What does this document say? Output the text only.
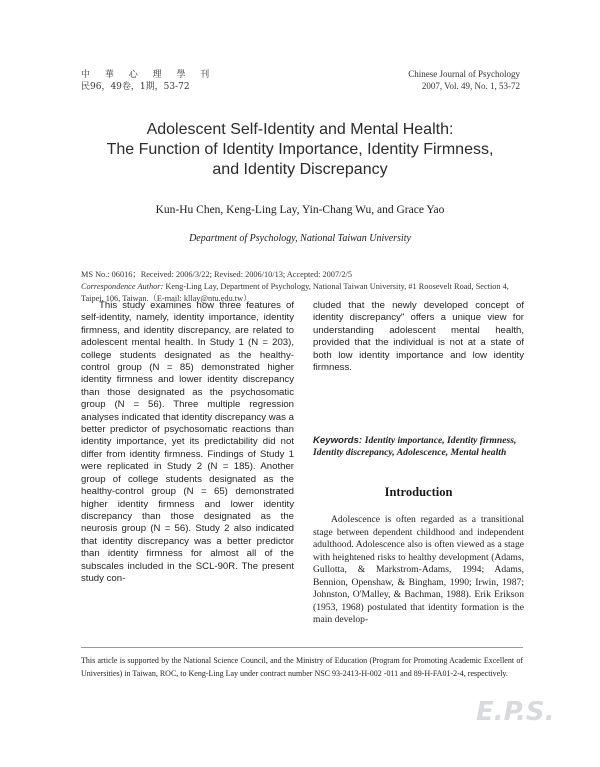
中 華 心 理 學 刊
民96，49卷，1期，53-72
Chinese Journal of Psychology
2007, Vol. 49, No. 1, 53-72
Adolescent Self-Identity and Mental Health:
The Function of Identity Importance, Identity Firmness,
and Identity Discrepancy
Kun-Hu Chen, Keng-Ling Lay, Yin-Chang Wu, and Grace Yao
Department of Psychology, National Taiwan University
MS No.: 06016；Received: 2006/3/22; Revised: 2006/10/13; Accepted: 2007/2/5
Correspondence Author: Keng-Ling Lay, Department of Psychology, National Taiwan University, #1 Roosevelt Road, Section 4, Taipei, 106, Taiwan.（E-mail: kllay@ntu.edu.tw）
This study examines how three features of self-identity, namely, identity importance, identity firmness, and identity discrepancy, are related to adolescent mental health. In Study 1 (N = 203), college students designated as the healthy-control group (N = 85) demonstrated higher identity firmness and lower identity discrepancy than those designated as the psychosomatic group (N = 56). Three multiple regression analyses indicated that identity discrepancy was a better predictor of psychosomatic reactions than identity importance, yet its predictability did not differ from identity firmness. Findings of Study 1 were replicated in Study 2 (N = 185). Another group of college students designated as the healthy-control group (N = 65) demonstrated higher identity firmness and lower identity discrepancy than those designated as the neurosis group (N = 56). Study 2 also indicated that identity discrepancy was a better predictor than identity firmness for almost all of the subscales included in the SCL-90R. The present study con-
cluded that the newly developed concept of identity discrepancy" offers a unique view for understanding adolescent mental health, provided that the individual is not at a state of both low identity importance and low identity firmness.
Keywords: Identity importance, Identity firmness, Identity discrepancy, Adolescence, Mental health
Introduction
Adolescence is often regarded as a transitional stage between dependent childhood and independent adulthood. Adolescence also is often viewed as a stage with heightened risks to healthy development (Adams, Gullotta, & Markstrom-Adams, 1994; Adams, Bennion, Openshaw, & Bingham, 1990; Irwin, 1987; Johnston, O'Malley, & Bachman, 1988). Erik Erikson (1953, 1968) postulated that identity formation is the main develop-
This article is supported by the National Science Council, and the Ministry of Education (Program for Promoting Academic Excellent of Universities) in Taiwan, ROC, to Keng-Ling Lay under contract number NSC 93-2413-H-002 -011 and 89-H-FA01-2-4, respectively.
E.P.S.
